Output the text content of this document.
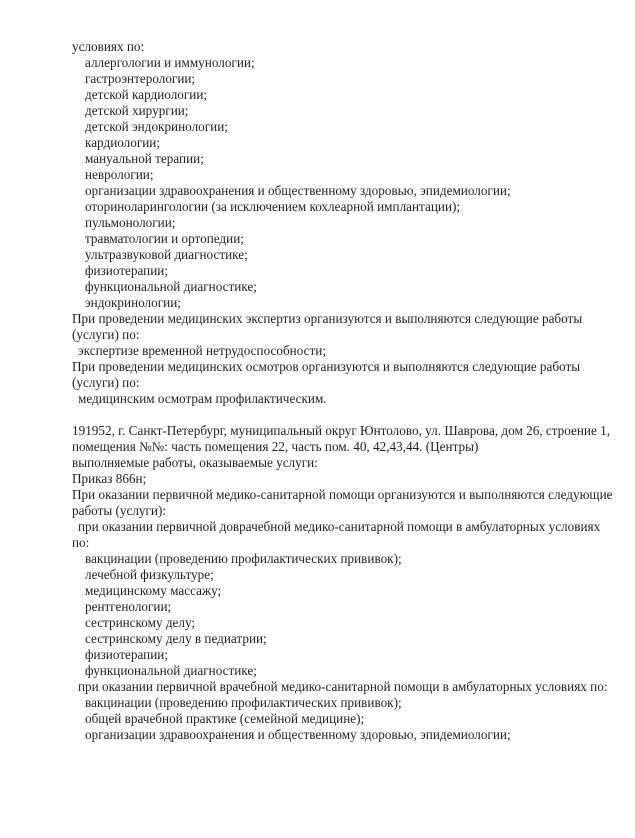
условиях по:
аллергологии и иммунологии;
гастроэнтерологии;
детской кардиологии;
детской хирургии;
детской эндокринологии;
кардиологии;
мануальной терапии;
неврологии;
организации здравоохранения и общественному здоровью, эпидемиологии;
оториноларингологии (за исключением кохлеарной имплантации);
пульмонологии;
травматологии и ортопедии;
ультразвуковой диагностике;
физиотерапии;
функциональной диагностике;
эндокринологии;
При проведении медицинских экспертиз организуются и выполняются следующие работы
(услуги) по:
экспертизе временной нетрудоспособности;
При проведении медицинских осмотров организуются и выполняются следующие работы
(услуги) по:
медицинским осмотрам профилактическим.

191952, г. Санкт-Петербург, муниципальный округ Юнтолово, ул. Шаврова, дом 26, строение 1,
помещения №№: часть помещения 22, часть пом. 40, 42,43,44. (Центры)
выполняемые работы, оказываемые услуги:
Приказ 866н;
При оказании первичной медико-санитарной помощи организуются и выполняются следующие
работы (услуги):
при оказании первичной доврачебной медико-санитарной помощи в амбулаторных условиях
по:
вакцинации (проведению профилактических прививок);
лечебной физкультуре;
медицинскому массажу;
рентгенологии;
сестринскому делу;
сестринскому делу в педиатрии;
физиотерапии;
функциональной диагностике;
при оказании первичной врачебной медико-санитарной помощи в амбулаторных условиях по:
вакцинации (проведению профилактических прививок);
общей врачебной практике (семейной медицине);
организации здравоохранения и общественному здоровью, эпидемиологии;
